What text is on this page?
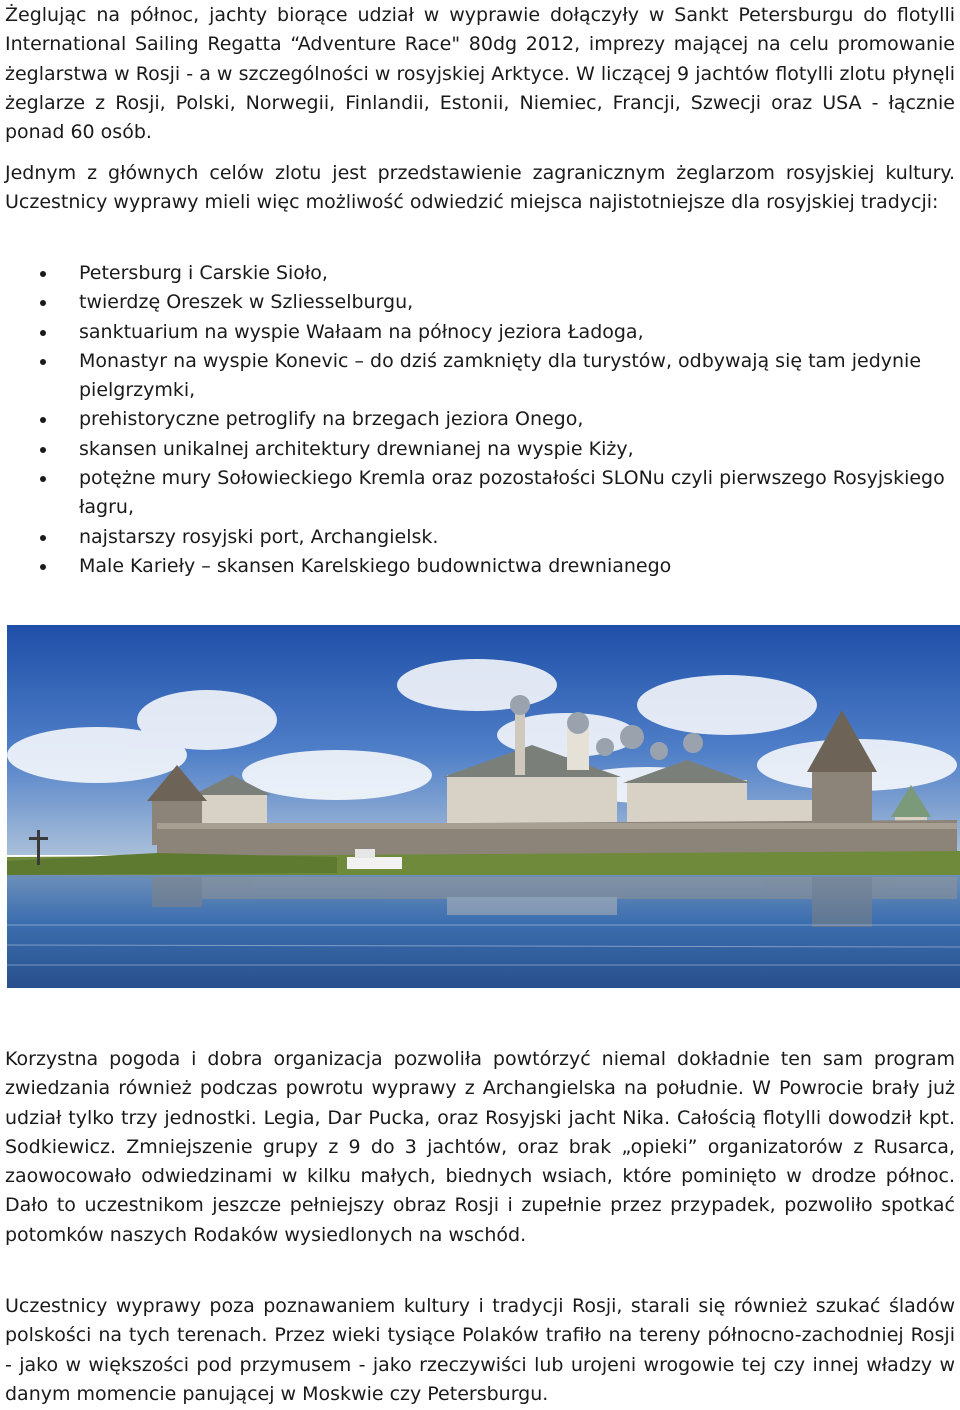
Żeglując na północ, jachty biorące udział w wyprawie dołączyły w Sankt Petersburgu do flotylli International Sailing Regatta “Adventure Race" 80dg 2012, imprezy mającej na celu promowanie żeglarstwa w Rosji - a w szczególności w rosyjskiej Arktyce. W liczącej 9 jachtów flotylli zlotu płynęli żeglarze z Rosji, Polski, Norwegii, Finlandii, Estonii, Niemiec, Francji, Szwecji oraz USA - łącznie ponad 60 osób.

Jednym z głównych celów zlotu jest przedstawienie zagranicznym żeglarzom rosyjskiej kultury. Uczestnicy wyprawy mieli więc możliwość odwiedzić miejsca najistotniejsze dla rosyjskiej tradycji:

Petersburg i Carskie Sioło,
twierdzę Oreszek w Szliesselburgu,
sanktuarium na wyspie Wałaam na północy jeziora Ładoga,
Monastyr na wyspie Konevic – do dziś zamknięty dla turystów, odbywają się tam jedynie pielgrzymki,
prehistoryczne petroglify na brzegach jeziora Onego,
skansen unikalnej architektury drewnianej na wyspie Kiży,
potężne mury Sołowieckiego Kremla oraz pozostałości SLONu czyli pierwszego Rosyjskiego łagru,
najstarszy rosyjski port, Archangielsk.
Male Karieły – skansen Karelskiego budownictwa drewnianego

Korzystna pogoda i dobra organizacja pozwoliła powtórzyć niemal dokładnie ten sam program zwiedzania również podczas powrotu wyprawy z Archangielska na południe. W Powrocie brały już udział tylko trzy jednostki. Legia, Dar Pucka, oraz Rosyjski jacht Nika. Całością flotylli dowodził kpt. Sodkiewicz. Zmniejszenie grupy z 9 do 3 jachtów, oraz brak „opieki” organizatorów z Rusarca, zaowocowało odwiedzinami w kilku małych, biednych wsiach, które pominięto w drodze północ. Dało to uczestnikom jeszcze pełniejszy obraz Rosji i zupełnie przez przypadek, pozwoliło spotkać potomków naszych Rodaków wysiedlonych na wschód.

Uczestnicy wyprawy poza poznawaniem kultury i tradycji Rosji, starali się również szukać śladów polskości na tych terenach. Przez wieki tysiące Polaków trafiło na tereny północno-zachodniej Rosji - jako w większości pod przymusem - jako rzeczywiści lub urojeni wrogowie tej czy innej władzy w danym momencie panującej w Moskwie czy Petersburgu.
